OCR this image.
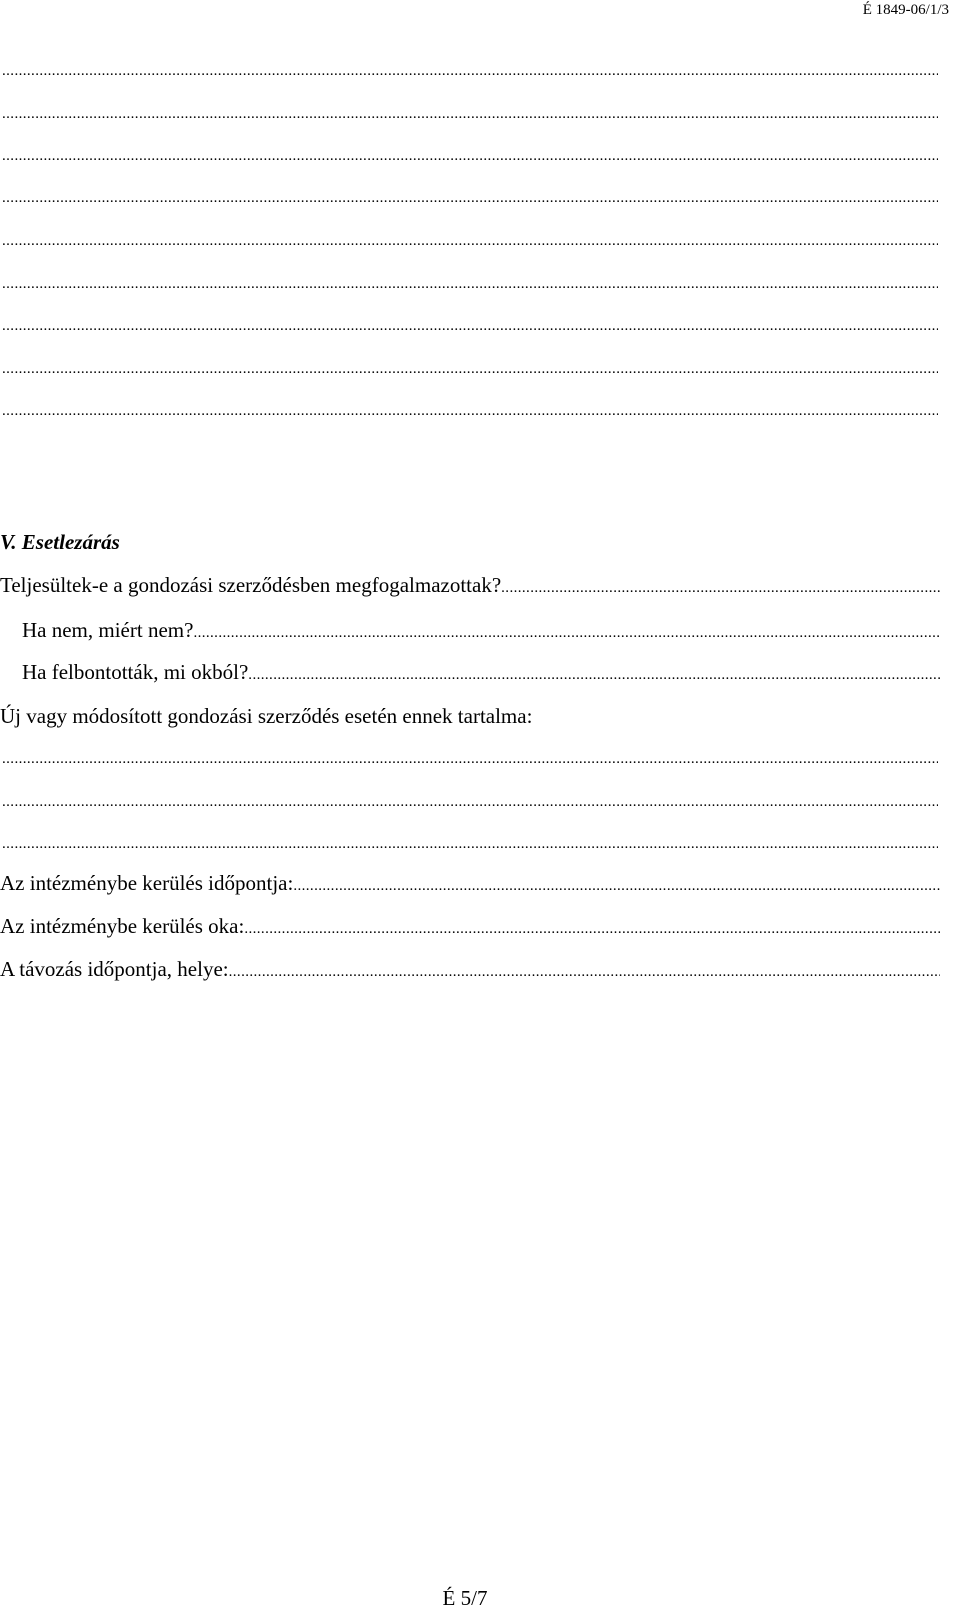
É 1849-06/1/3
.....
.....
.....
.....
.....
.....
.....
.....
.....
V. Esetlezárás
Teljesültek-e a gondozási szerződésben megfogalmazottak?
.....
Ha nem, miért nem?
.....
Ha felbontották, mi okból?
.....
Új vagy módosított gondozási szerződés esetén ennek tartalma:
.....
.....
.....
Az intézménybe kerülés időpontja:
.....
Az intézménybe kerülés oka:
.....
A távozás időpontja, helye:
.....
É 5/7
